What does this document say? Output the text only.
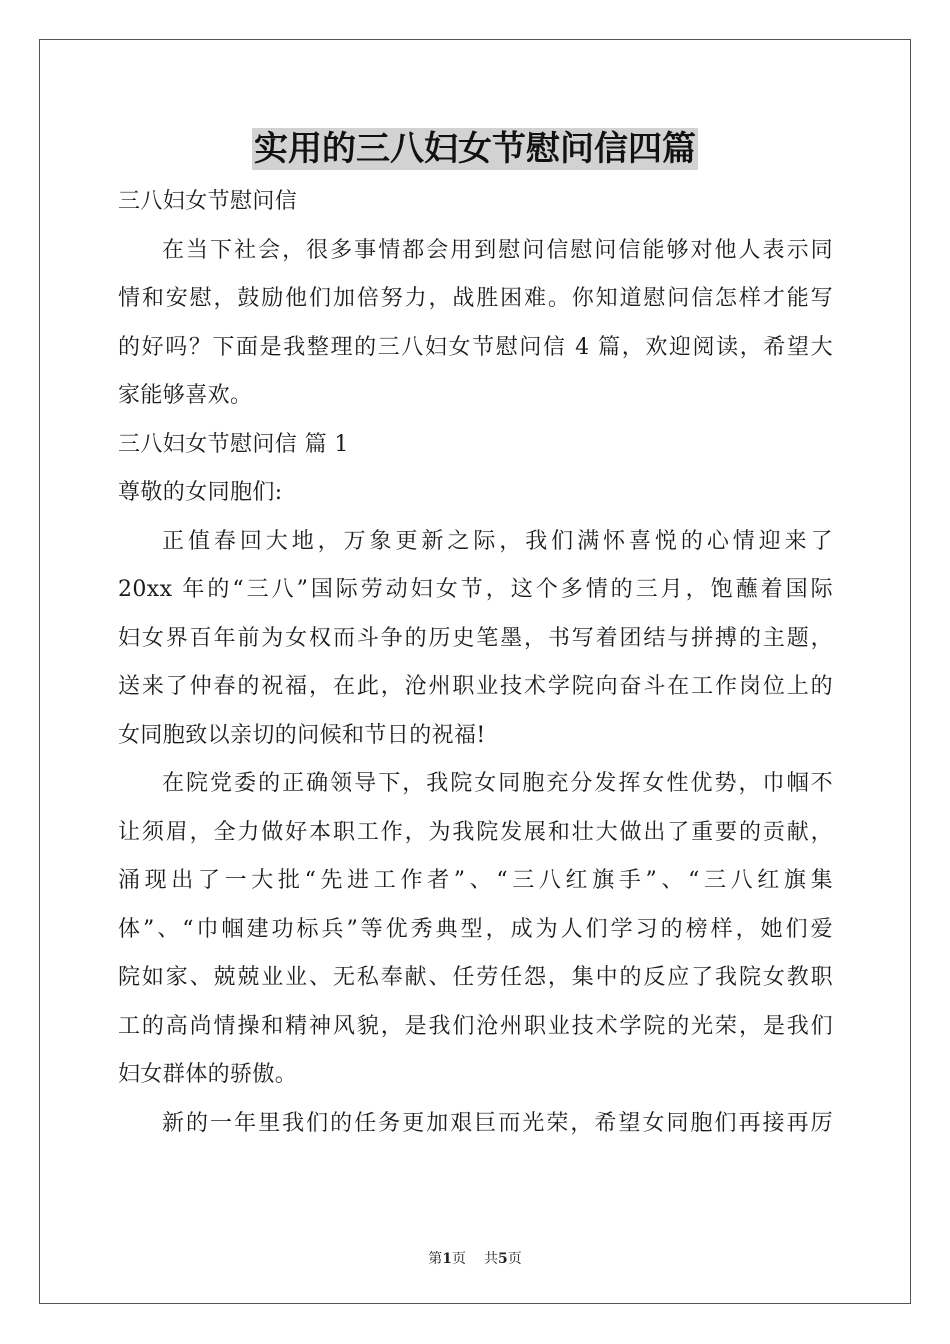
实用的三八妇女节慰问信四篇
三八妇女节慰问信
在当下社会，很多事情都会用到慰问信慰问信能够对他人表示同
情和安慰，鼓励他们加倍努力，战胜困难。你知道慰问信怎样才能写
的好吗？下面是我整理的三八妇女节慰问信 4 篇，欢迎阅读，希望大
家能够喜欢。
三八妇女节慰问信 篇 1
尊敬的女同胞们:
正值春回大地，万象更新之际，我们满怀喜悦的心情迎来了
20xx 年的“三八”国际劳动妇女节，这个多情的三月，饱蘸着国际
妇女界百年前为女权而斗争的历史笔墨，书写着团结与拼搏的主题，
送来了仲春的祝福，在此，沧州职业技术学院向奋斗在工作岗位上的
女同胞致以亲切的问候和节日的祝福!
在院党委的正确领导下，我院女同胞充分发挥女性优势，巾帼不
让须眉，全力做好本职工作，为我院发展和壮大做出了重要的贡献，
涌现出了一大批“先进工作者”、“三八红旗手”、“三八红旗集
体”、“巾帼建功标兵”等优秀典型，成为人们学习的榜样，她们爱
院如家、兢兢业业、无私奉献、任劳任怨，集中的反应了我院女教职
工的高尚情操和精神风貌，是我们沧州职业技术学院的光荣，是我们
妇女群体的骄傲。
新的一年里我们的任务更加艰巨而光荣，希望女同胞们再接再厉
第1页 共5页
